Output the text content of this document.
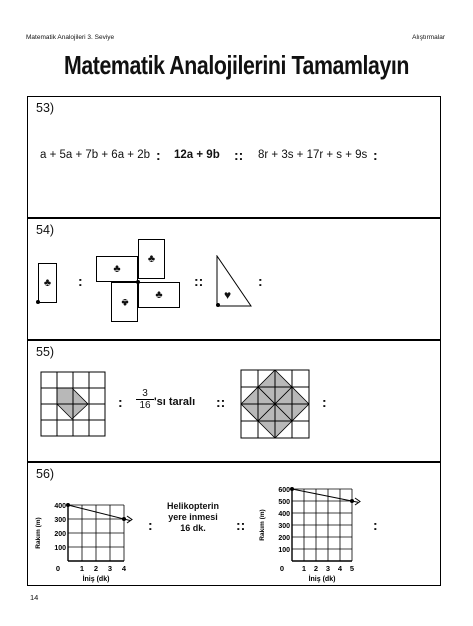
Matematik Analojileri 3. Seviye	Alıştırmalar
Matematik Analojilerini Tamamlayın
53)
a + 5a + 7b + 6a + 2b : 12a + 9b :: 8r + 3s + 17r + s + 9s :
54)
♣ :
♣
♣
♣
♣
::
♥
:
55)
: $\frac{3}{16}$ 'sı taralı ::	:
56)
400
300
200
100
0	1 2 3 4
İniş (dk)
Rakım (m)	:
Helikopterin
yere inmesi
16 dk.	::
600
500
400
300
200
100
0 1 2 3 4 5
İniş (dk)
Rakım (m)	:
14
